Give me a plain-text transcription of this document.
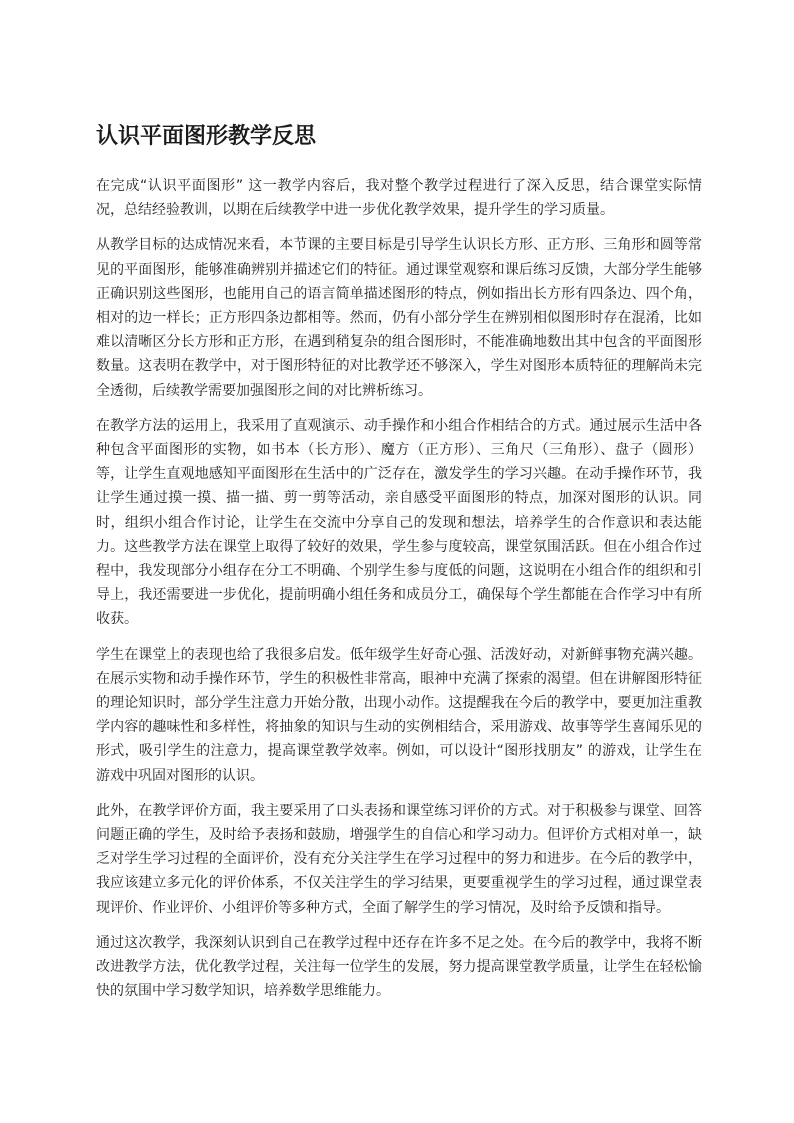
认识平面图形教学反思

在完成“认识平面图形” 这一教学内容后，我对整个教学过程进行了深入反思，结合课堂实际情况，总结经验教训，以期在后续教学中进一步优化教学效果，提升学生的学习质量。

从教学目标的达成情况来看，本节课的主要目标是引导学生认识长方形、正方形、三角形和圆等常见的平面图形，能够准确辨别并描述它们的特征。通过课堂观察和课后练习反馈，大部分学生能够正确识别这些图形，也能用自己的语言简单描述图形的特点，例如指出长方形有四条边、四个角，相对的边一样长；正方形四条边都相等。然而，仍有小部分学生在辨别相似图形时存在混淆，比如难以清晰区分长方形和正方形，在遇到稍复杂的组合图形时，不能准确地数出其中包含的平面图形数量。这表明在教学中，对于图形特征的对比教学还不够深入，学生对图形本质特征的理解尚未完全透彻，后续教学需要加强图形之间的对比辨析练习。

在教学方法的运用上，我采用了直观演示、动手操作和小组合作相结合的方式。通过展示生活中各种包含平面图形的实物，如书本（长方形）、魔方（正方形）、三角尺（三角形）、盘子（圆形）等，让学生直观地感知平面图形在生活中的广泛存在，激发学生的学习兴趣。在动手操作环节，我让学生通过摸一摸、描一描、剪一剪等活动，亲自感受平面图形的特点，加深对图形的认识。同时，组织小组合作讨论，让学生在交流中分享自己的发现和想法，培养学生的合作意识和表达能力。这些教学方法在课堂上取得了较好的效果，学生参与度较高，课堂氛围活跃。但在小组合作过程中，我发现部分小组存在分工不明确、个别学生参与度低的问题，这说明在小组合作的组织和引导上，我还需要进一步优化，提前明确小组任务和成员分工，确保每个学生都能在合作学习中有所收获。

学生在课堂上的表现也给了我很多启发。低年级学生好奇心强、活泼好动，对新鲜事物充满兴趣。在展示实物和动手操作环节，学生的积极性非常高，眼神中充满了探索的渴望。但在讲解图形特征的理论知识时，部分学生注意力开始分散，出现小动作。这提醒我在今后的教学中，要更加注重教学内容的趣味性和多样性，将抽象的知识与生动的实例相结合，采用游戏、故事等学生喜闻乐见的形式，吸引学生的注意力，提高课堂教学效率。例如，可以设计“图形找朋友” 的游戏，让学生在游戏中巩固对图形的认识。

此外，在教学评价方面，我主要采用了口头表扬和课堂练习评价的方式。对于积极参与课堂、回答问题正确的学生，及时给予表扬和鼓励，增强学生的自信心和学习动力。但评价方式相对单一，缺乏对学生学习过程的全面评价，没有充分关注学生在学习过程中的努力和进步。在今后的教学中，我应该建立多元化的评价体系，不仅关注学生的学习结果，更要重视学生的学习过程，通过课堂表现评价、作业评价、小组评价等多种方式，全面了解学生的学习情况，及时给予反馈和指导。

通过这次教学，我深刻认识到自己在教学过程中还存在许多不足之处。在今后的教学中，我将不断改进教学方法，优化教学过程，关注每一位学生的发展，努力提高课堂教学质量，让学生在轻松愉快的氛围中学习数学知识，培养数学思维能力。
